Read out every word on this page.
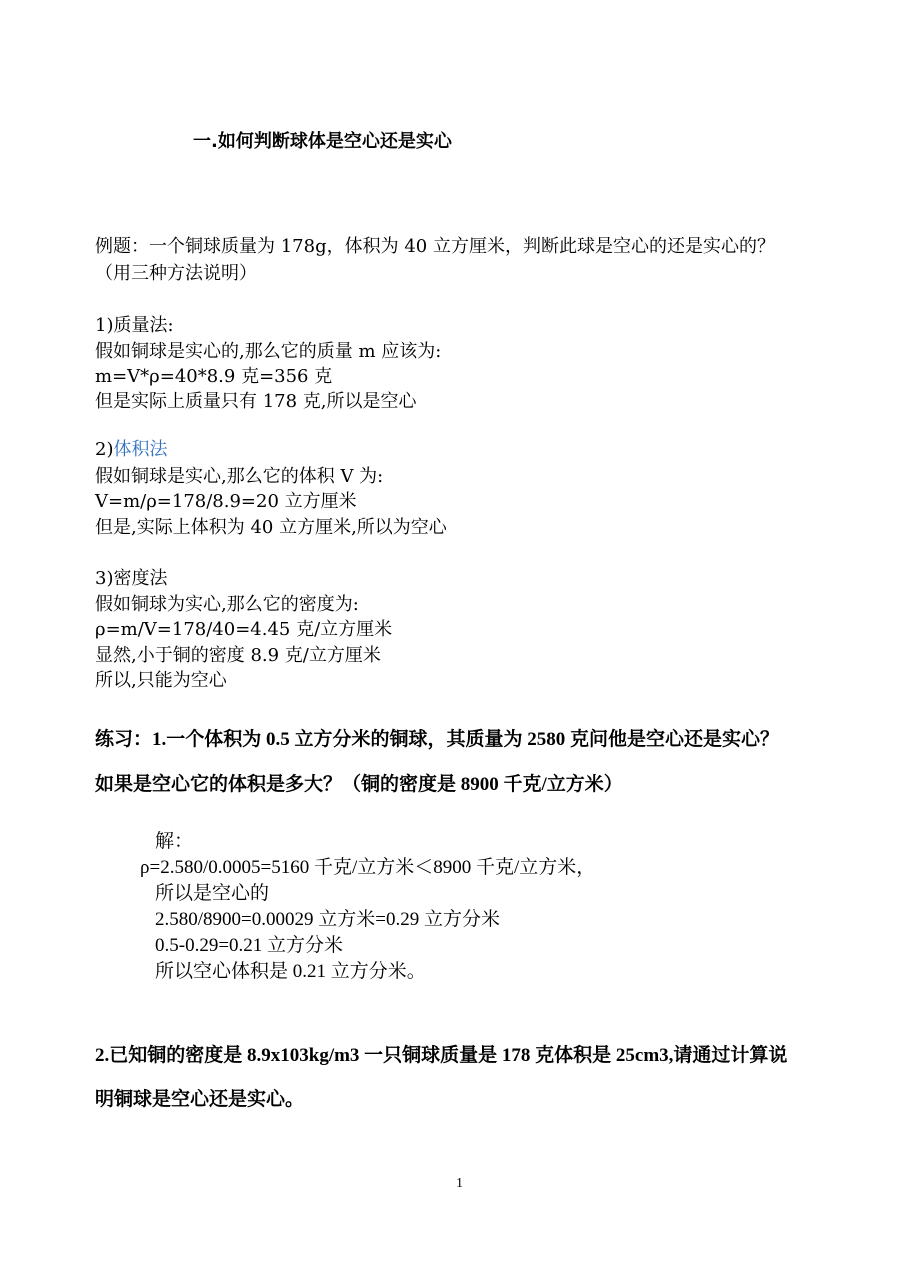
一.如何判断球体是空心还是实心
例题：一个铜球质量为 178g，体积为 40 立方厘米，判断此球是空心的还是实心的？
（用三种方法说明）
1)质量法:
假如铜球是实心的,那么它的质量 m 应该为:
m=V*ρ=40*8.9 克=356 克
但是实际上质量只有 178 克,所以是空心
2)体积法
假如铜球是实心,那么它的体积 V 为:
V=m/ρ=178/8.9=20 立方厘米
但是,实际上体积为 40 立方厘米,所以为空心
3)密度法
假如铜球为实心,那么它的密度为:
ρ=m/V=178/40=4.45 克/立方厘米
显然,小于铜的密度 8.9 克/立方厘米
所以,只能为空心
练习：1.一个体积为 0.5 立方分米的铜球，其质量为 2580 克问他是空心还是实心？
如果是空心它的体积是多大？（铜的密度是 8900 千克/立方米）
解：
ρ=2.580/0.0005=5160 千克/立方米＜8900 千克/立方米，
所以是空心的
2.580/8900=0.00029 立方米=0.29 立方分米
0.5-0.29=0.21 立方分米
所以空心体积是 0.21 立方分米。
2.已知铜的密度是 8.9x103kg/m3 一只铜球质量是 178 克体积是 25cm3,请通过计算说
明铜球是空心还是实心。
1
